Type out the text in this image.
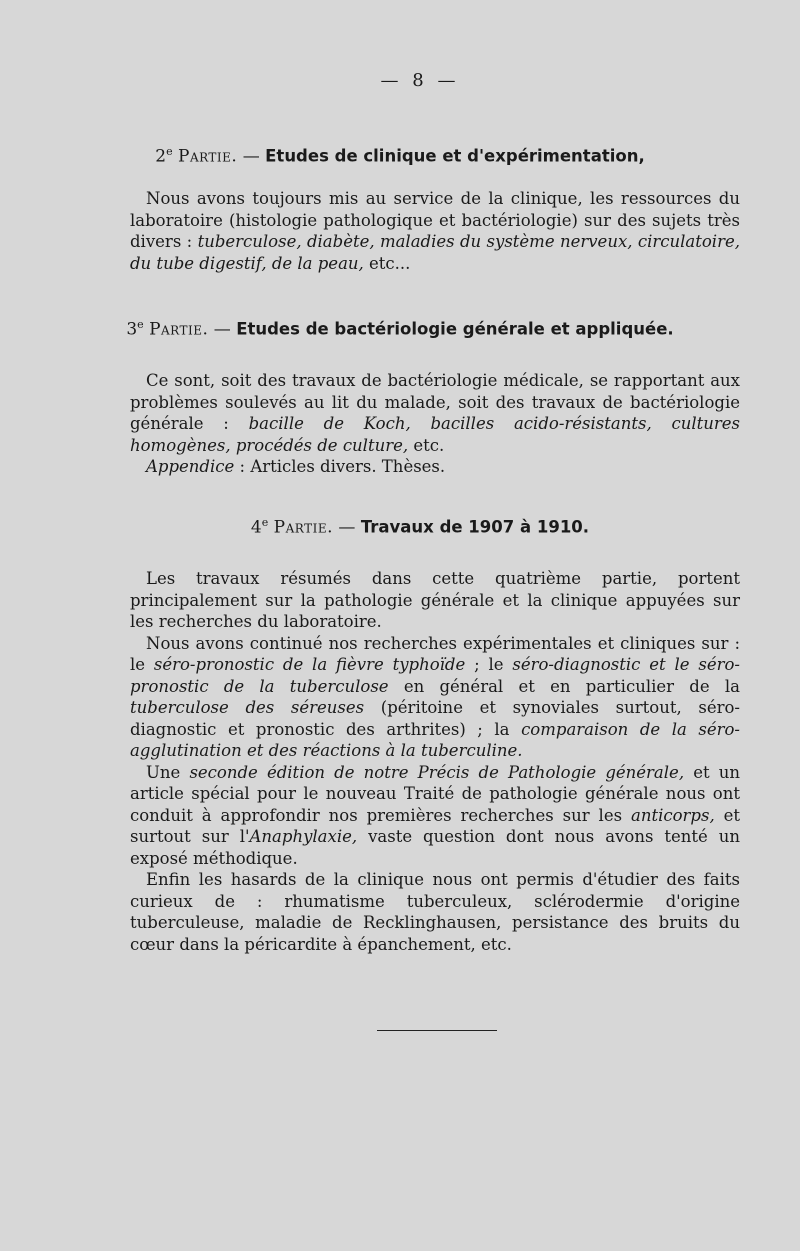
— 8 —
2e Partie. — Etudes de clinique et d'expérimentation,

Nous avons toujours mis au service de la clinique, les ressources du laboratoire (histologie pathologique et bactériologie) sur des sujets très divers : tuberculose, diabète, maladies du système nerveux, circulatoire, du tube digestif, de la peau, etc...

3e Partie. — Etudes de bactériologie générale et appliquée.

Ce sont, soit des travaux de bactériologie médicale, se rapportant aux problèmes soulevés au lit du malade, soit des travaux de bactériologie générale : bacille de Koch, bacilles acido-résistants, cultures homogènes, procédés de culture, etc.

Appendice : Articles divers. Thèses.

4e Partie. — Travaux de 1907 à 1910.

Les travaux résumés dans cette quatrième partie, portent principalement sur la pathologie générale et la clinique appuyées sur les recherches du laboratoire.

Nous avons continué nos recherches expérimentales et cliniques sur : le séro-pronostic de la fièvre typhoïde ; le séro-diagnostic et le séro-pronostic de la tuberculose en général et en particulier de la tuberculose des séreuses (péritoine et synoviales surtout, séro-diagnostic et pronostic des arthrites) ; la comparaison de la séro-agglutination et des réactions à la tuberculine.

Une seconde édition de notre Précis de Pathologie générale, et un article spécial pour le nouveau Traité de pathologie générale nous ont conduit à approfondir nos premières recherches sur les anticorps, et surtout sur l'Anaphylaxie, vaste question dont nous avons tenté un exposé méthodique.

Enfin les hasards de la clinique nous ont permis d'étudier des faits curieux de : rhumatisme tuberculeux, sclérodermie d'origine tuberculeuse, maladie de Recklinghausen, persistance des bruits du cœur dans la péricardite à épanchement, etc.
